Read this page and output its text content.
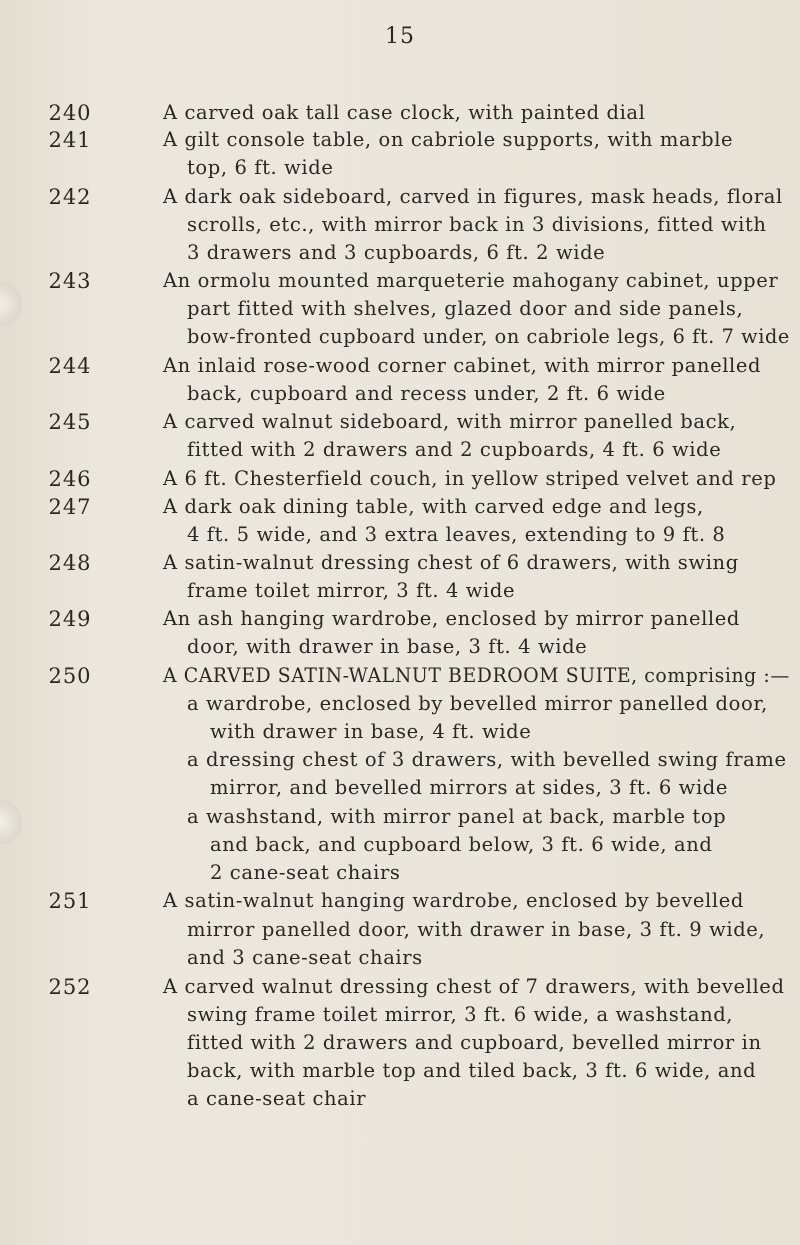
15
240	A carved oak tall case clock, with painted dial
241	A gilt console table, on cabriole supports, with marble
top, 6 ft. wide
242	A dark oak sideboard, carved in figures, mask heads, floral
scrolls, etc., with mirror back in 3 divisions, fitted with
3 drawers and 3 cupboards, 6 ft. 2 wide
243	An ormolu mounted marqueterie mahogany cabinet, upper
part fitted with shelves, glazed door and side panels,
bow-fronted cupboard under, on cabriole legs, 6 ft. 7 wide
244	An inlaid rose-wood corner cabinet, with mirror panelled
back, cupboard and recess under, 2 ft. 6 wide
245	A carved walnut sideboard, with mirror panelled back,
fitted with 2 drawers and 2 cupboards, 4 ft. 6 wide
246	A 6 ft. Chesterfield couch, in yellow striped velvet and rep
247	A dark oak dining table, with carved edge and legs,
4 ft. 5 wide, and 3 extra leaves, extending to 9 ft. 8
248	A satin-walnut dressing chest of 6 drawers, with swing
frame toilet mirror, 3 ft. 4 wide
249	An ash hanging wardrobe, enclosed by mirror panelled
door, with drawer in base, 3 ft. 4 wide
250	A CARVED SATIN-WALNUT BEDROOM SUITE, comprising :—
a wardrobe, enclosed by bevelled mirror panelled door,
with drawer in base, 4 ft. wide
a dressing chest of 3 drawers, with bevelled swing frame
mirror, and bevelled mirrors at sides, 3 ft. 6 wide
a washstand, with mirror panel at back, marble top
and back, and cupboard below, 3 ft. 6 wide, and
2 cane-seat chairs
251	A satin-walnut hanging wardrobe, enclosed by bevelled
mirror panelled door, with drawer in base, 3 ft. 9 wide,
and 3 cane-seat chairs
252	A carved walnut dressing chest of 7 drawers, with bevelled
swing frame toilet mirror, 3 ft. 6 wide, a washstand,
fitted with 2 drawers and cupboard, bevelled mirror in
back, with marble top and tiled back, 3 ft. 6 wide, and
a cane-seat chair
